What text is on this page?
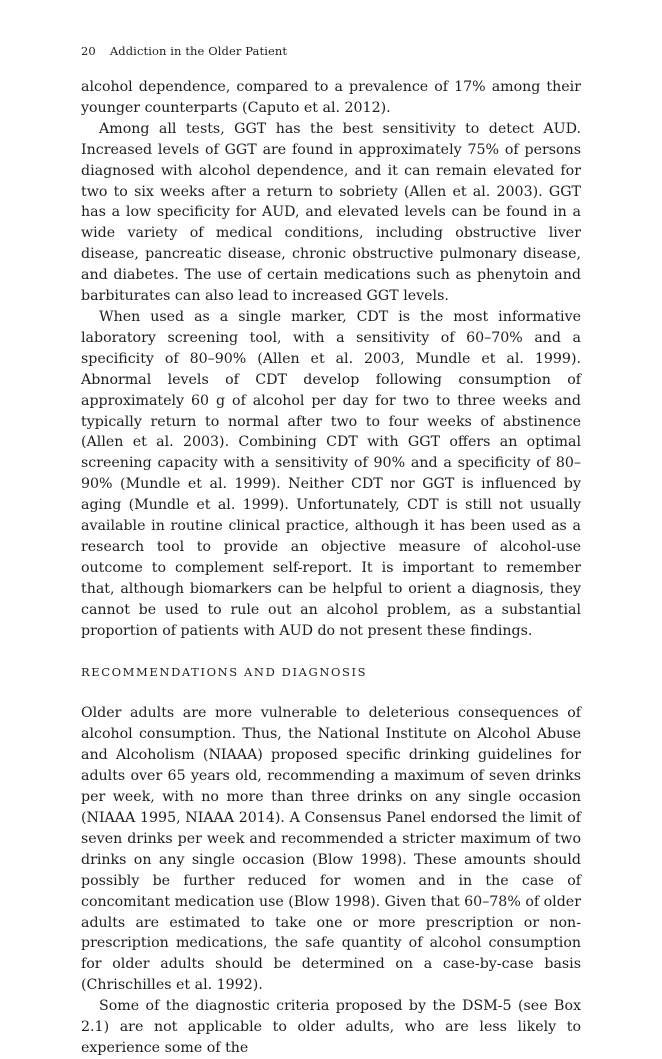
20 Addiction in the Older Patient

alcohol dependence, compared to a prevalence of 17% among their younger counterparts (Caputo et al. 2012).

Among all tests, GGT has the best sensitivity to detect AUD. Increased levels of GGT are found in approximately 75% of persons diagnosed with alcohol dependence, and it can remain elevated for two to six weeks after a return to sobriety (Allen et al. 2003). GGT has a low specificity for AUD, and elevated levels can be found in a wide variety of medical conditions, including obstructive liver disease, pancreatic disease, chronic obstructive pulmonary disease, and diabetes. The use of certain medications such as phenytoin and barbiturates can also lead to increased GGT levels.

When used as a single marker, CDT is the most informative laboratory screening tool, with a sensitivity of 60–70% and a specificity of 80–90% (Allen et al. 2003, Mundle et al. 1999). Abnormal levels of CDT develop following consumption of approximately 60 g of alcohol per day for two to three weeks and typically return to normal after two to four weeks of abstinence (Allen et al. 2003). Combining CDT with GGT offers an optimal screening capacity with a sensitivity of 90% and a specificity of 80–90% (Mundle et al. 1999). Neither CDT nor GGT is influenced by aging (Mundle et al. 1999). Unfortunately, CDT is still not usually available in routine clinical practice, although it has been used as a research tool to provide an objective measure of alcohol-use outcome to complement self-report. It is important to remember that, although biomarkers can be helpful to orient a diagnosis, they cannot be used to rule out an alcohol problem, as a substantial proportion of patients with AUD do not present these findings.

RECOMMENDATIONS AND DIAGNOSIS

Older adults are more vulnerable to deleterious consequences of alcohol consumption. Thus, the National Institute on Alcohol Abuse and Alcoholism (NIAAA) proposed specific drinking guidelines for adults over 65 years old, recommending a maximum of seven drinks per week, with no more than three drinks on any single occasion (NIAAA 1995, NIAAA 2014). A Consensus Panel endorsed the limit of seven drinks per week and recommended a stricter maximum of two drinks on any single occasion (Blow 1998). These amounts should possibly be further reduced for women and in the case of concomitant medication use (Blow 1998). Given that 60–78% of older adults are estimated to take one or more prescription or non-prescription medications, the safe quantity of alcohol consumption for older adults should be determined on a case-by-case basis (Chrischilles et al. 1992).

Some of the diagnostic criteria proposed by the DSM-5 (see Box 2.1) are not applicable to older adults, who are less likely to experience some of the
